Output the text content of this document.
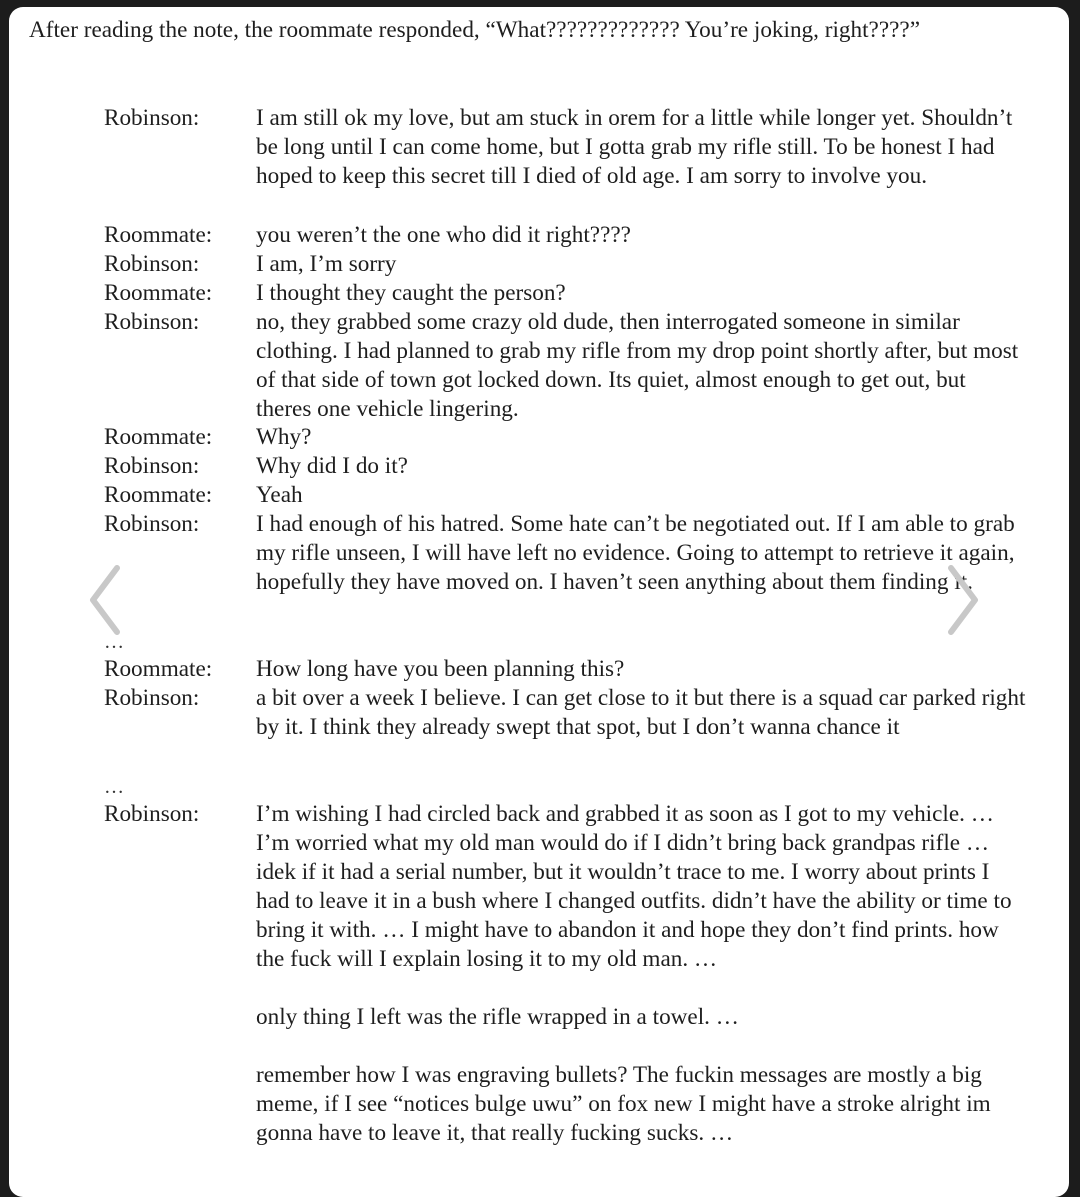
After reading the note, the roommate responded, “What????????????? You’re joking, right????”

Robinson: I am still ok my love, but am stuck in orem for a little while longer yet. Shouldn’t be long until I can come home, but I gotta grab my rifle still. To be honest I had hoped to keep this secret till I died of old age. I am sorry to involve you.
Roommate: you weren’t the one who did it right????
Robinson: I am, I’m sorry
Roommate: I thought they caught the person?
Robinson: no, they grabbed some crazy old dude, then interrogated someone in similar clothing. I had planned to grab my rifle from my drop point shortly after, but most of that side of town got locked down. Its quiet, almost enough to get out, but theres one vehicle lingering.
Roommate: Why?
Robinson: Why did I do it?
Roommate: Yeah
Robinson: I had enough of his hatred. Some hate can’t be negotiated out. If I am able to grab my rifle unseen, I will have left no evidence. Going to attempt to retrieve it again, hopefully they have moved on. I haven’t seen anything about them finding it.
…
Roommate: How long have you been planning this?
Robinson: a bit over a week I believe. I can get close to it but there is a squad car parked right by it. I think they already swept that spot, but I don’t wanna chance it
…
Robinson: I’m wishing I had circled back and grabbed it as soon as I got to my vehicle. … I’m worried what my old man would do if I didn’t bring back grandpas rifle … idek if it had a serial number, but it wouldn’t trace to me. I worry about prints I had to leave it in a bush where I changed outfits. didn’t have the ability or time to bring it with. … I might have to abandon it and hope they don’t find prints. how the fuck will I explain losing it to my old man. …

only thing I left was the rifle wrapped in a towel. …

remember how I was engraving bullets? The fuckin messages are mostly a big meme, if I see “notices bulge uwu” on fox new I might have a stroke alright im gonna have to leave it, that really fucking sucks. …
